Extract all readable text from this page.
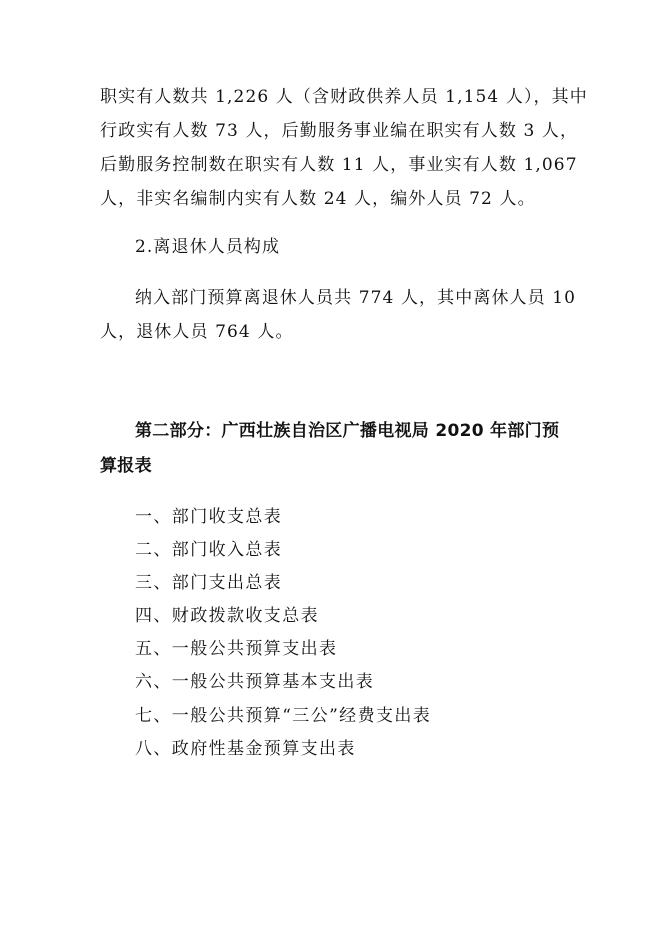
职实有人数共 1,226 人（含财政供养人员 1,154 人），其中
行政实有人数 73 人，后勤服务事业编在职实有人数 3 人，
后勤服务控制数在职实有人数 11 人，事业实有人数 1,067
人，非实名编制内实有人数 24 人，编外人员 72 人。
2.离退休人员构成
纳入部门预算离退休人员共 774 人，其中离休人员 10
人，退休人员 764 人。
第二部分：广西壮族自治区广播电视局 2020 年部门预
算报表
一、部门收支总表
二、部门收入总表
三、部门支出总表
四、财政拨款收支总表
五、一般公共预算支出表
六、一般公共预算基本支出表
七、一般公共预算“三公”经费支出表
八、政府性基金预算支出表
